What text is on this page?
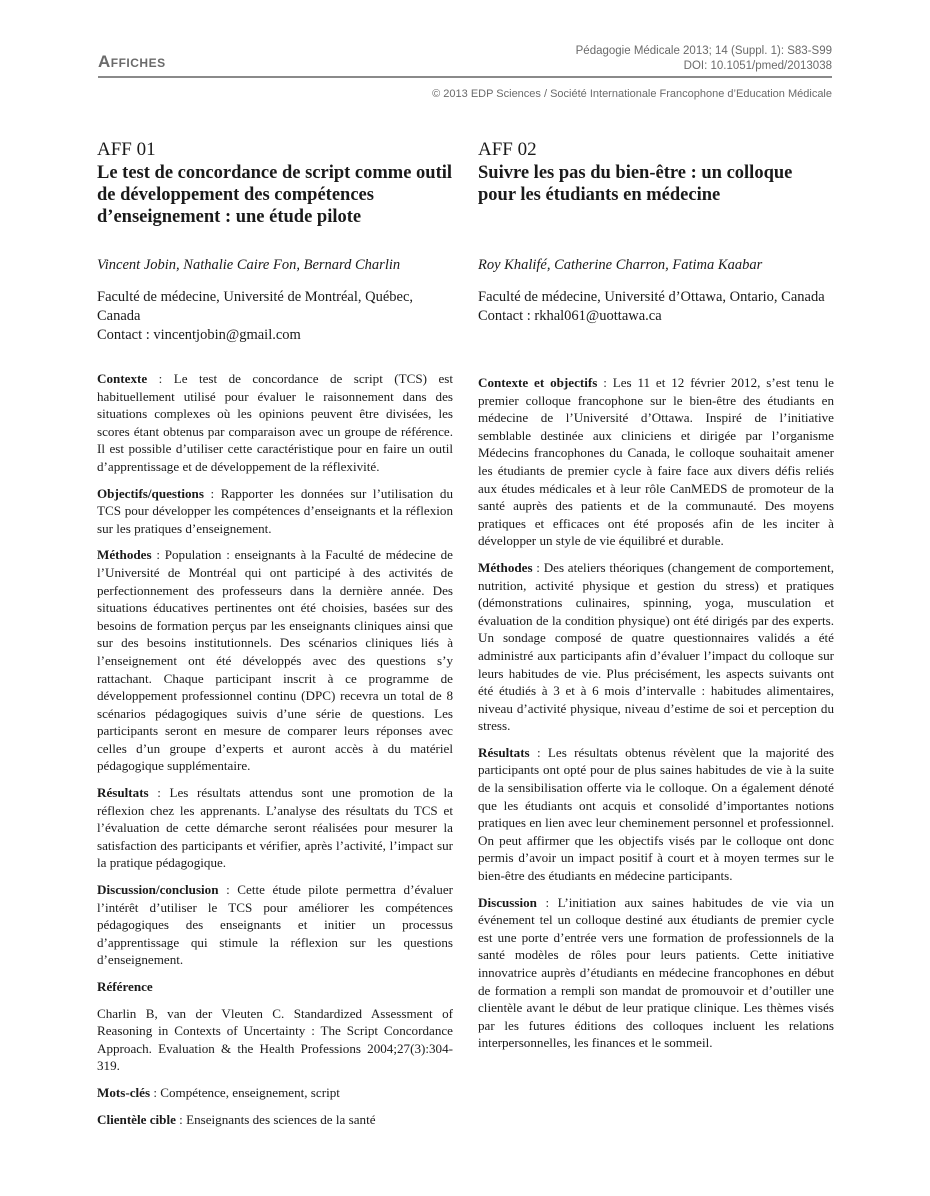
Affiches
Pédagogie Médicale 2013; 14 (Suppl. 1): S83-S99
DOI: 10.1051/pmed/2013038
© 2013 EDP Sciences / Société Internationale Francophone d’Education Médicale
AFF 01
Le test de concordance de script comme outil de développement des compétences d’enseignement : une étude pilote

Vincent Jobin, Nathalie Caire Fon, Bernard Charlin

Faculté de médecine, Université de Montréal, Québec, Canada
Contact : vincentjobin@gmail.com

Contexte : Le test de concordance de script (TCS) est habituellement utilisé pour évaluer le raisonnement dans des situations complexes où les opinions peuvent être divisées, les scores étant obtenus par comparaison avec un groupe de référence. Il est possible d’utiliser cette caractéristique pour en faire un outil d’apprentissage et de développement de la réflexivité.

Objectifs/questions : Rapporter les données sur l’utilisation du TCS pour développer les compétences d’enseignants et la réflexion sur les pratiques d’enseignement.

Méthodes : Population : enseignants à la Faculté de médecine de l’Université de Montréal qui ont participé à des activités de perfectionnement des professeurs dans la dernière année. Des situations éducatives pertinentes ont été choisies, basées sur des besoins de formation perçus par les enseignants cliniques ainsi que sur des besoins institutionnels. Des scénarios cliniques liés à l’enseignement ont été développés avec des questions s’y rattachant. Chaque participant inscrit à ce programme de développement professionnel continu (DPC) recevra un total de 8 scénarios pédagogiques suivis d’une série de questions. Les participants seront en mesure de comparer leurs réponses avec celles d’un groupe d’experts et auront accès à du matériel pédagogique supplémentaire.

Résultats : Les résultats attendus sont une promotion de la réflexion chez les apprenants. L’analyse des résultats du TCS et l’évaluation de cette démarche seront réalisées pour mesurer la satisfaction des participants et vérifier, après l’activité, l’impact sur la pratique pédagogique.

Discussion/conclusion : Cette étude pilote permettra d’évaluer l’intérêt d’utiliser le TCS pour améliorer les compétences pédagogiques des enseignants et initier un processus d’apprentissage qui stimule la réflexion sur les questions d’enseignement.

Référence

Charlin B, van der Vleuten C. Standardized Assessment of Reasoning in Contexts of Uncertainty : The Script Concordance Approach. Evaluation & the Health Professions 2004;27(3):304-319.

Mots-clés : Compétence, enseignement, script

Clientèle cible : Enseignants des sciences de la santé

AFF 02
Suivre les pas du bien-être : un colloque pour les étudiants en médecine

Roy Khalifé, Catherine Charron, Fatima Kaabar

Faculté de médecine, Université d’Ottawa, Ontario, Canada
Contact : rkhal061@uottawa.ca

Contexte et objectifs : Les 11 et 12 février 2012, s’est tenu le premier colloque francophone sur le bien-être des étudiants en médecine de l’Université d’Ottawa. Inspiré de l’initiative semblable destinée aux cliniciens et dirigée par l’organisme Médecins francophones du Canada, le colloque souhaitait amener les étudiants de premier cycle à faire face aux divers défis reliés aux études médicales et à leur rôle CanMEDS de promoteur de la santé auprès des patients et de la communauté. Des moyens pratiques et efficaces ont été proposés afin de les inciter à développer un style de vie équilibré et durable.

Méthodes : Des ateliers théoriques (changement de comportement, nutrition, activité physique et gestion du stress) et pratiques (démonstrations culinaires, spinning, yoga, musculation et évaluation de la condition physique) ont été dirigés par des experts. Un sondage composé de quatre questionnaires validés a été administré aux participants afin d’évaluer l’impact du colloque sur leurs habitudes de vie. Plus précisément, les aspects suivants ont été étudiés à 3 et à 6 mois d’intervalle : habitudes alimentaires, niveau d’activité physique, niveau d’estime de soi et perception du stress.

Résultats : Les résultats obtenus révèlent que la majorité des participants ont opté pour de plus saines habitudes de vie à la suite de la sensibilisation offerte via le colloque. On a également dénoté que les étudiants ont acquis et consolidé d’importantes notions pratiques en lien avec leur cheminement personnel et professionnel. On peut affirmer que les objectifs visés par le colloque ont donc permis d’avoir un impact positif à court et à moyen termes sur le bien-être des étudiants en médecine participants.

Discussion : L’initiation aux saines habitudes de vie via un événement tel un colloque destiné aux étudiants de premier cycle est une porte d’entrée vers une formation de professionnels de la santé modèles de rôles pour leurs patients. Cette initiative innovatrice auprès d’étudiants en médecine francophones en début de formation a rempli son mandat de promouvoir et d’outiller une clientèle avant le début de leur pratique clinique. Les thèmes visés par les futures éditions des colloques incluent les relations interpersonnelles, les finances et le sommeil.
